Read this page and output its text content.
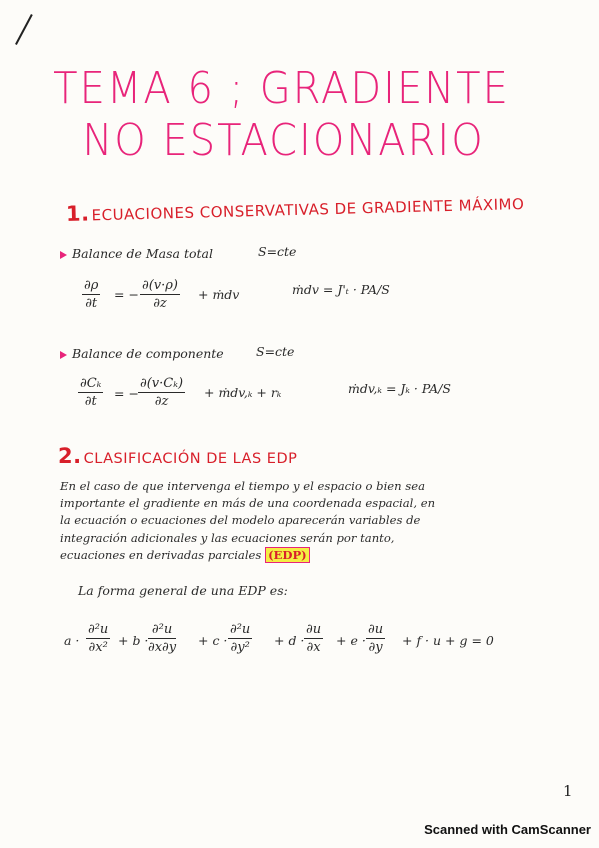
TEMA 6 ; GRADIENTE
NO ESTACIONARIO
1. ECUACIONES CONSERVATIVAS DE GRADIENTE MÁXIMO
Balance de Masa total	S=cte
$\frac{\partial\rho}{\partial t}$ = − $\frac{\partial(v\cdot\rho)}{\partial z}$ + ṁdv	ṁdv = J'ₜ · PA/S
Balance de componente	S=cte
$\frac{\text{∂Cₖ}}{\partial t}$ = − $\frac{\text{∂(v·Cₖ)}}{\partial z}$ + ṁdv,ₖ + rₖ	ṁdv,ₖ = Jₖ · PA/S
2. CLASIFICACIÓN DE LAS EDP
En el caso de que intervenga el tiempo y el espacio o bien sea
importante el gradiente en más de una coordenada espacial, en
la ecuación o ecuaciones del modelo aparecerán variables de
integración adicionales y las ecuaciones serán por tanto,
ecuaciones en derivadas parciales (EDP)
La forma general de una EDP es:
$a \cdot \frac{\text{∂²u}}{\text{∂x²}} + b \cdot \frac{\text{∂²u}}{\partial x\partial y} + c \cdot \frac{\text{∂²u}}{\text{∂y²}} + d \cdot \frac{\partial u}{\partial x} + e \cdot \frac{\partial u}{\partial y} + f \cdot u + g = 0$
1
Scanned with CamScanner
